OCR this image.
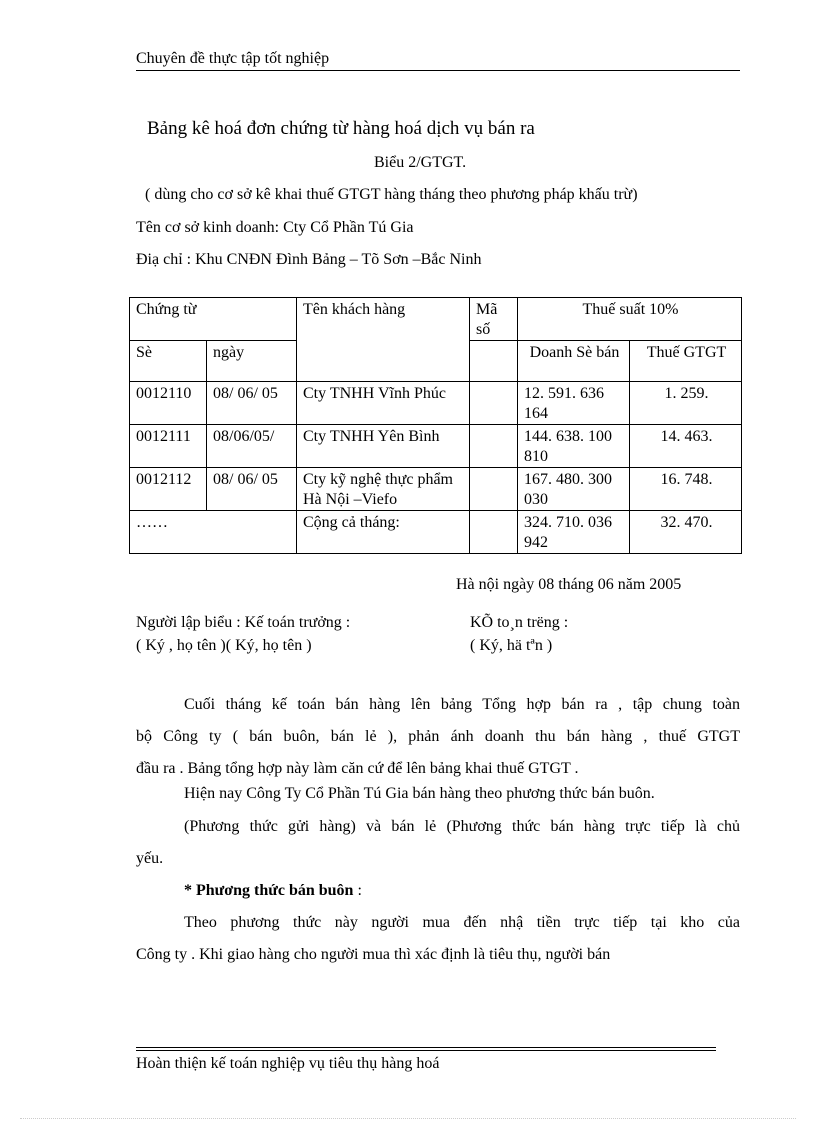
Chuyên đề thực tập tốt nghiệp
Bảng kê hoá đơn chứng từ hàng hoá dịch vụ bán ra
Biểu 2/GTGT.
( dùng cho cơ sở kê khai thuế GTGT hàng tháng theo phương pháp khấu trừ)
Tên cơ sở kinh doanh: Cty Cổ Phần Tú Gia
Điạ chỉ : Khu CNĐN Đình Bảng – Tõ Sơn –Bắc Ninh
Chứng từ		Tên khách hàng	Mã số	Thuế suất 10%	
Sè	ngày			Doanh Sè bán	Thuế GTGT
0012110	08/ 06/ 05	Cty TNHH Vĩnh Phúc		12. 591. 636 164	1. 259.
0012111	08/06/05/	Cty TNHH Yên Bình		144. 638. 100 810	14. 463.
0012112	08/ 06/ 05	Cty kỹ nghệ thực phẩm Hà Nội –Viefo		167. 480. 300 030	16. 748.
……		Cộng cả tháng:		324. 710. 036 942	32. 470.
Hà nội ngày 08 tháng 06 năm 2005
Người lập biểu : Kế toán trưởng :
( Ký , họ tên )( Ký, họ tên )
KÕ to¸n trëng :
( Ký, hä tªn )
Cuối tháng kế toán bán hàng lên bảng Tổng hợp bán ra , tập chung toàn
bộ Công ty ( bán buôn, bán lẻ ), phản ánh doanh thu bán hàng , thuế GTGT
đầu ra . Bảng tổng hợp này làm căn cứ để lên bảng khai thuế GTGT .
Hiện nay Công Ty Cổ Phần Tú Gia bán hàng theo phương thức bán buôn.
(Phương thức gửi hàng) và bán lẻ (Phương thức bán hàng trực tiếp là chủ
yếu.
* Phương thức bán buôn :
Theo phương thức này người mua đến nhậ tiền trực tiếp tại kho của
Công ty . Khi giao hàng cho người mua thì xác định là tiêu thụ, người bán
Hoàn thiện kế toán nghiệp vụ tiêu thụ hàng hoá
